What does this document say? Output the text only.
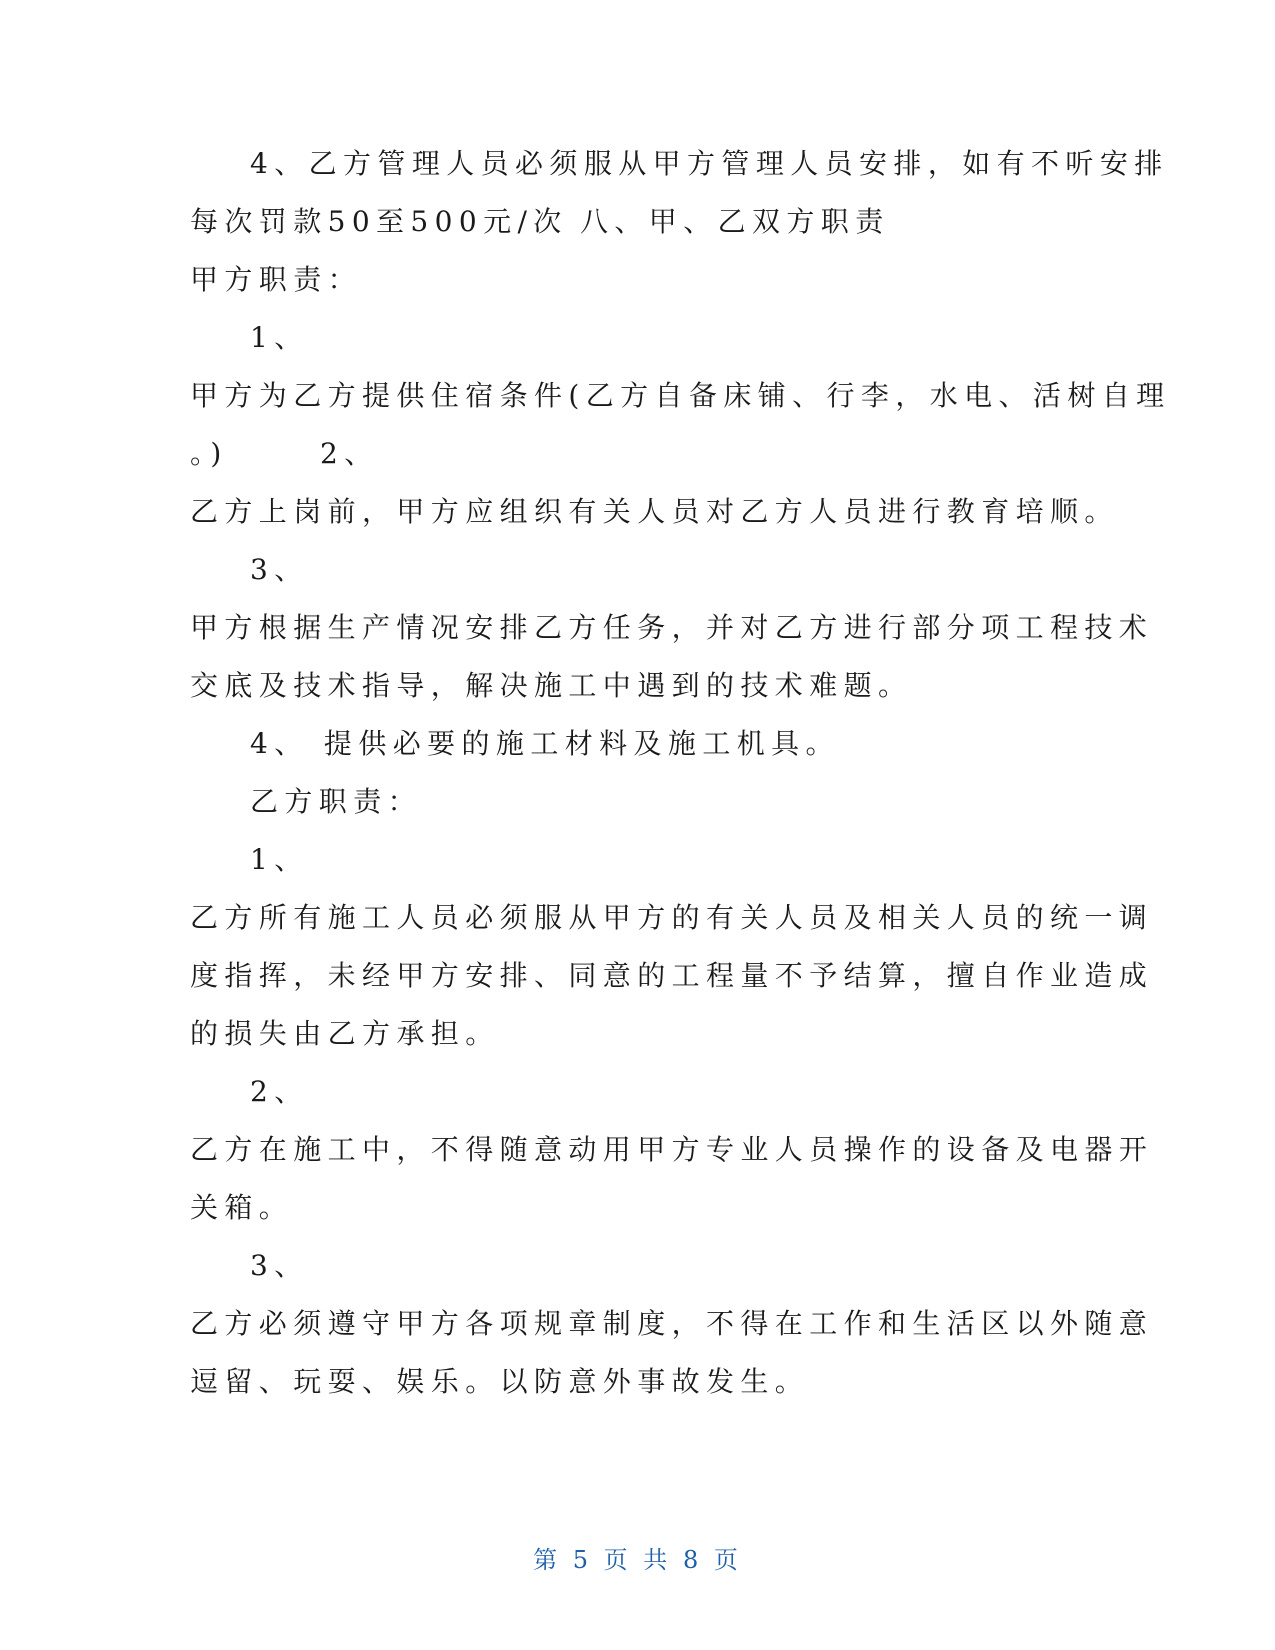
4、乙方管理人员必须服从甲方管理人员安排，如有不听安排

每次罚款50至500元/次 八、甲、乙双方职责

甲方职责：

1、

甲方为乙方提供住宿条件(乙方自备床铺、行李，水电、活树自理

。)	2、

乙方上岗前，甲方应组织有关人员对乙方人员进行教育培顺。

3、

甲方根据生产情况安排乙方任务，并对乙方进行部分项工程技术

交底及技术指导，解决施工中遇到的技术难题。

4、 提供必要的施工材料及施工机具。

乙方职责：

1、

乙方所有施工人员必须服从甲方的有关人员及相关人员的统一调

度指挥，未经甲方安排、同意的工程量不予结算，擅自作业造成

的损失由乙方承担。

2、

乙方在施工中，不得随意动用甲方专业人员操作的设备及电器开

关箱。

3、

乙方必须遵守甲方各项规章制度，不得在工作和生活区以外随意

逗留、玩耍、娱乐。以防意外事故发生。

第 5 页 共 8 页
